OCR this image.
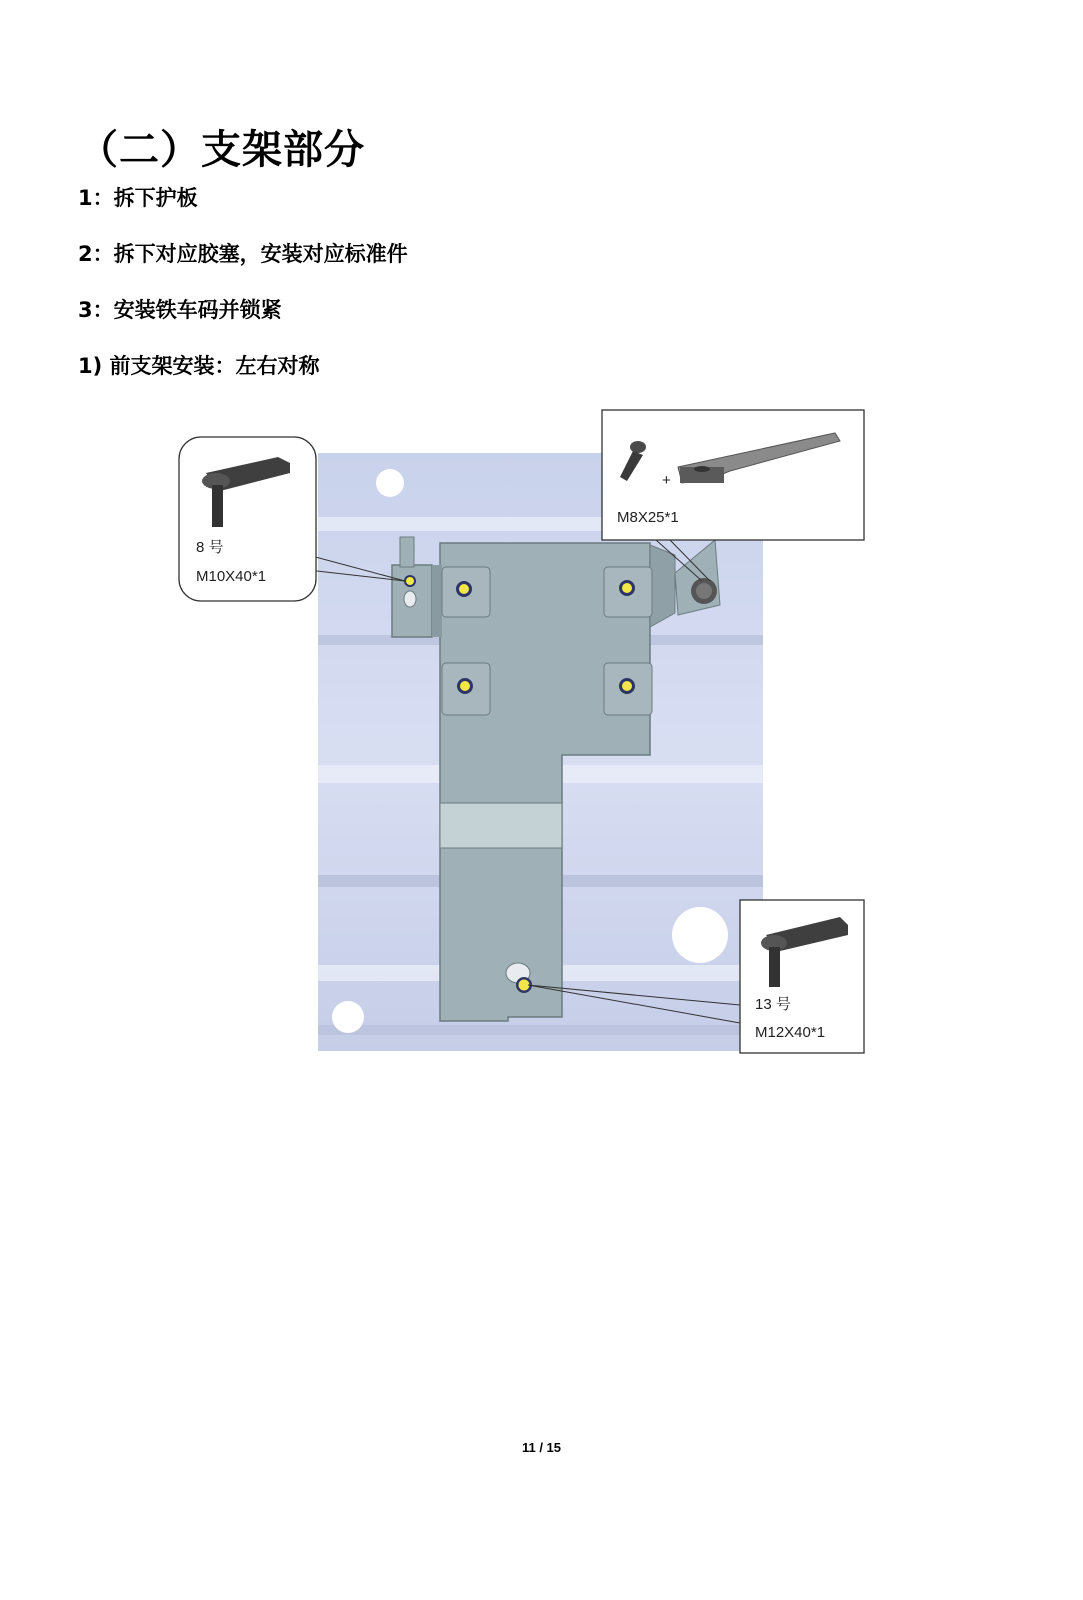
（二）支架部分

1：拆下护板

2：拆下对应胶塞，安装对应标准件

3：安装铁车码并锁紧

1) 前支架安装：左右对称

8 号
M10X40*1
+
M8X25*1
13 号
M12X40*1
11 / 15
